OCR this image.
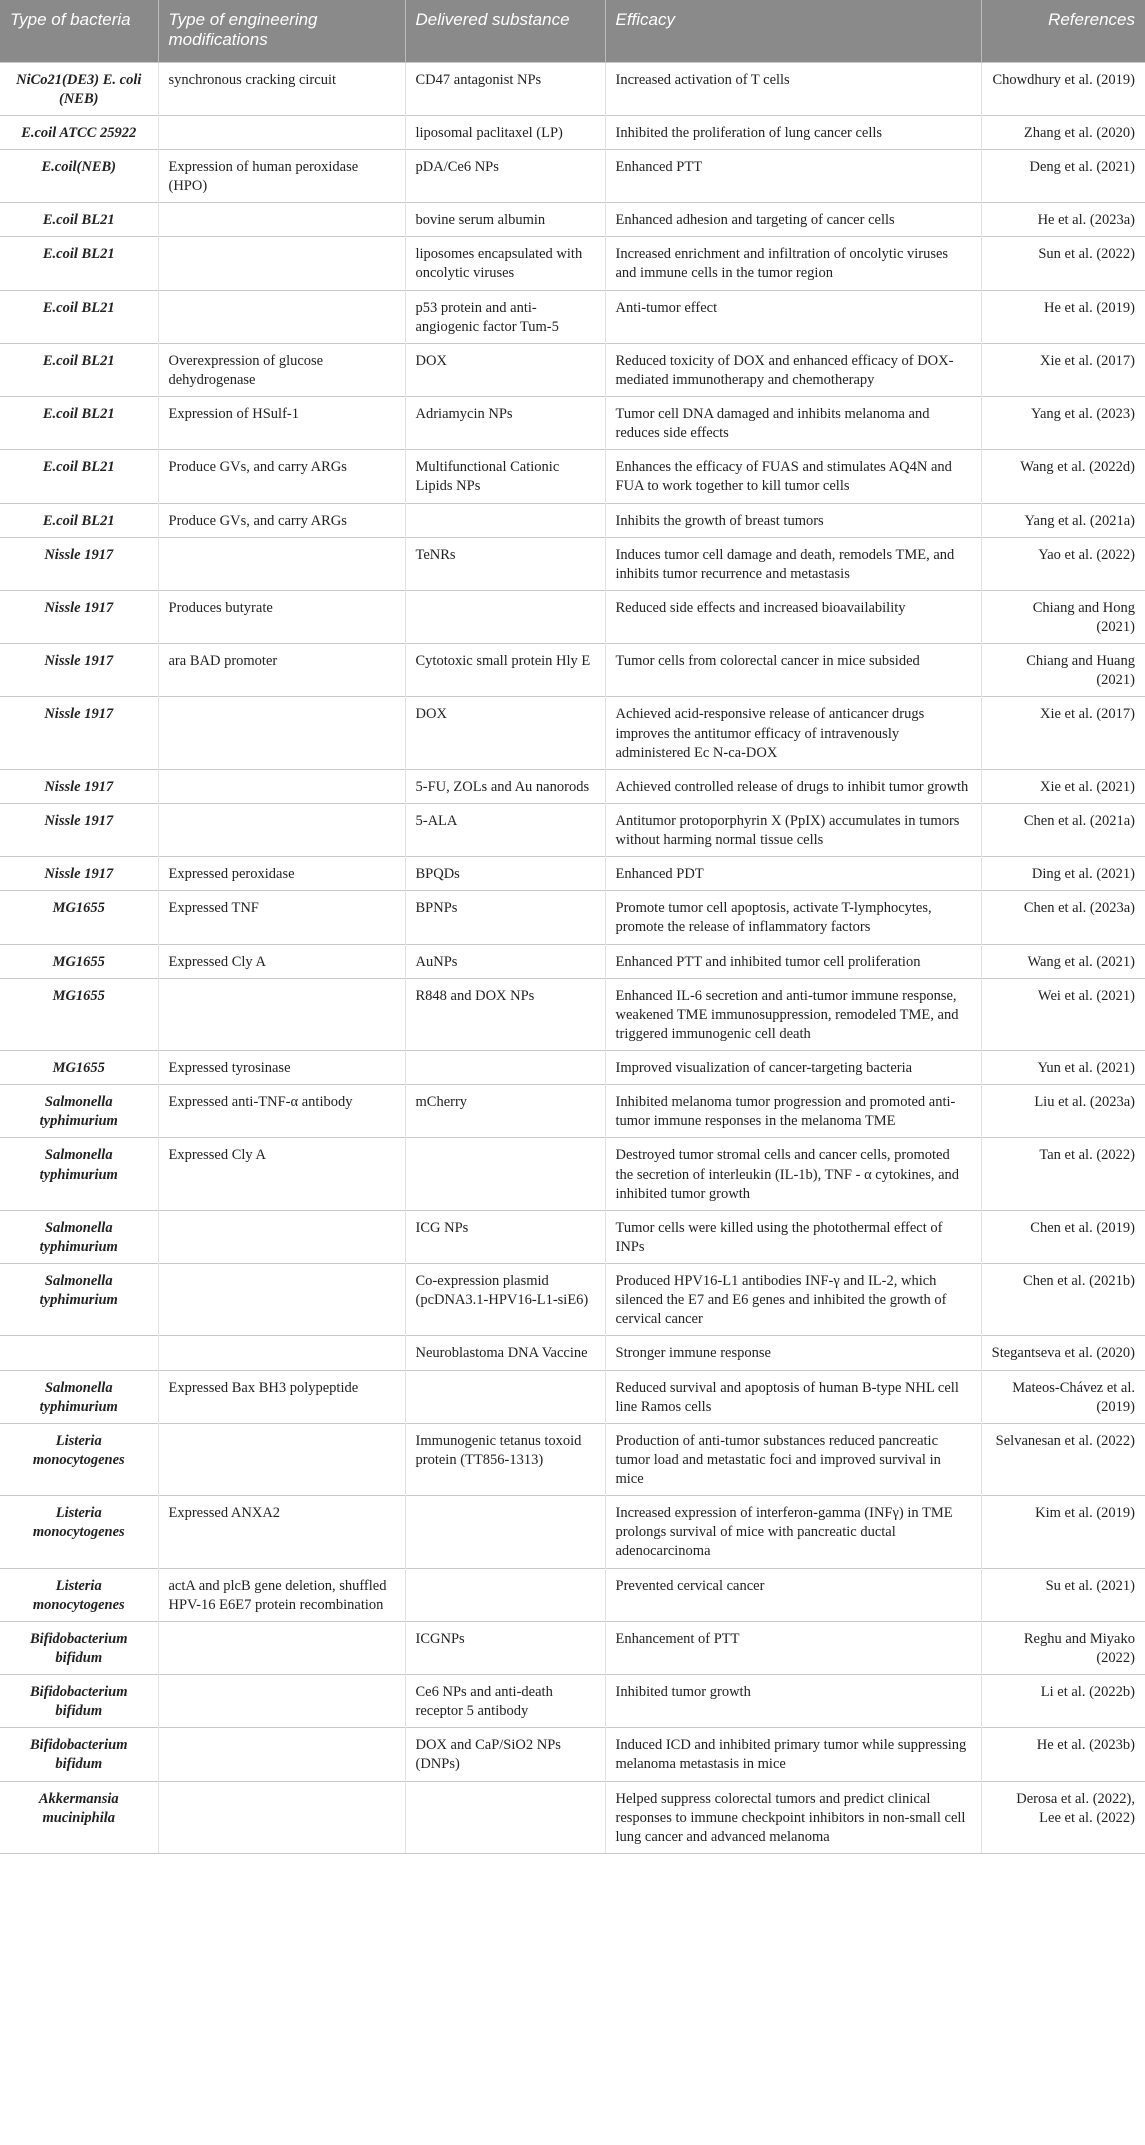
Type of bacteria	Type of engineering modifications	Delivered substance	Efficacy	References
NiCo21(DE3) E. coli (NEB)	synchronous cracking circuit	CD47 antagonist NPs	Increased activation of T cells	Chowdhury et al. (2019)
E.coil ATCC 25922		liposomal paclitaxel (LP)	Inhibited the proliferation of lung cancer cells	Zhang et al. (2020)
E.coil(NEB)	Expression of human peroxidase (HPO)	pDA/Ce6 NPs	Enhanced PTT	Deng et al. (2021)
E.coil BL21		bovine serum albumin	Enhanced adhesion and targeting of cancer cells	He et al. (2023a)
E.coil BL21		liposomes encapsulated with oncolytic viruses	Increased enrichment and infiltration of oncolytic viruses and immune cells in the tumor region	Sun et al. (2022)
E.coil BL21		p53 protein and anti-angiogenic factor Tum-5	Anti-tumor effect	He et al. (2019)
E.coil BL21	Overexpression of glucose dehydrogenase	DOX	Reduced toxicity of DOX and enhanced efficacy of DOX-mediated immunotherapy and chemotherapy	Xie et al. (2017)
E.coil BL21	Expression of HSulf-1	Adriamycin NPs	Tumor cell DNA damaged and inhibits melanoma and reduces side effects	Yang et al. (2023)
E.coil BL21	Produce GVs, and carry ARGs	Multifunctional Cationic Lipids NPs	Enhances the efficacy of FUAS and stimulates AQ4N and FUA to work together to kill tumor cells	Wang et al. (2022d)
E.coil BL21	Produce GVs, and carry ARGs		Inhibits the growth of breast tumors	Yang et al. (2021a)
Nissle 1917		TeNRs	Induces tumor cell damage and death, remodels TME, and inhibits tumor recurrence and metastasis	Yao et al. (2022)
Nissle 1917	Produces butyrate		Reduced side effects and increased bioavailability	Chiang and Hong (2021)
Nissle 1917	ara BAD promoter	Cytotoxic small protein Hly E	Tumor cells from colorectal cancer in mice subsided	Chiang and Huang (2021)
Nissle 1917		DOX	Achieved acid-responsive release of anticancer drugs improves the antitumor efficacy of intravenously administered Ec N-ca-DOX	Xie et al. (2017)
Nissle 1917		5-FU, ZOLs and Au nanorods	Achieved controlled release of drugs to inhibit tumor growth	Xie et al. (2021)
Nissle 1917		5-ALA	Antitumor protoporphyrin X (PpIX) accumulates in tumors without harming normal tissue cells	Chen et al. (2021a)
Nissle 1917	Expressed peroxidase	BPQDs	Enhanced PDT	Ding et al. (2021)
MG1655	Expressed TNF	BPNPs	Promote tumor cell apoptosis, activate T-lymphocytes, promote the release of inflammatory factors	Chen et al. (2023a)
MG1655	Expressed Cly A	AuNPs	Enhanced PTT and inhibited tumor cell proliferation	Wang et al. (2021)
MG1655		R848 and DOX NPs	Enhanced IL-6 secretion and anti-tumor immune response, weakened TME immunosuppression, remodeled TME, and triggered immunogenic cell death	Wei et al. (2021)
MG1655	Expressed tyrosinase		Improved visualization of cancer-targeting bacteria	Yun et al. (2021)
Salmonella typhimurium	Expressed anti-TNF-α antibody	mCherry	Inhibited melanoma tumor progression and promoted anti-tumor immune responses in the melanoma TME	Liu et al. (2023a)
Salmonella typhimurium	Expressed Cly A		Destroyed tumor stromal cells and cancer cells, promoted the secretion of interleukin (IL-1b), TNF - α cytokines, and inhibited tumor growth	Tan et al. (2022)
Salmonella typhimurium		ICG NPs	Tumor cells were killed using the photothermal effect of INPs	Chen et al. (2019)
Salmonella typhimurium		Co-expression plasmid (pcDNA3.1-HPV16-L1-siE6)	Produced HPV16-L1 antibodies INF-γ and IL-2, which silenced the E7 and E6 genes and inhibited the growth of cervical cancer	Chen et al. (2021b)
		Neuroblastoma DNA Vaccine	Stronger immune response	Stegantseva et al. (2020)
Salmonella typhimurium	Expressed Bax BH3 polypeptide		Reduced survival and apoptosis of human B-type NHL cell line Ramos cells	Mateos-Chávez et al. (2019)
Listeria monocytogenes		Immunogenic tetanus toxoid protein (TT856-1313)	Production of anti-tumor substances reduced pancreatic tumor load and metastatic foci and improved survival in mice	Selvanesan et al. (2022)
Listeria monocytogenes	Expressed ANXA2		Increased expression of interferon-gamma (INFγ) in TME prolongs survival of mice with pancreatic ductal adenocarcinoma	Kim et al. (2019)
Listeria monocytogenes	actA and plcB gene deletion, shuffled HPV-16 E6E7 protein recombination		Prevented cervical cancer	Su et al. (2021)
Bifidobacterium bifidum		ICGNPs	Enhancement of PTT	Reghu and Miyako (2022)
Bifidobacterium bifidum		Ce6 NPs and anti-death receptor 5 antibody	Inhibited tumor growth	Li et al. (2022b)
Bifidobacterium bifidum		DOX and CaP/SiO2 NPs (DNPs)	Induced ICD and inhibited primary tumor while suppressing melanoma metastasis in mice	He et al. (2023b)
Akkermansia muciniphila			Helped suppress colorectal tumors and predict clinical responses to immune checkpoint inhibitors in non-small cell lung cancer and advanced melanoma	Derosa et al. (2022), Lee et al. (2022)
